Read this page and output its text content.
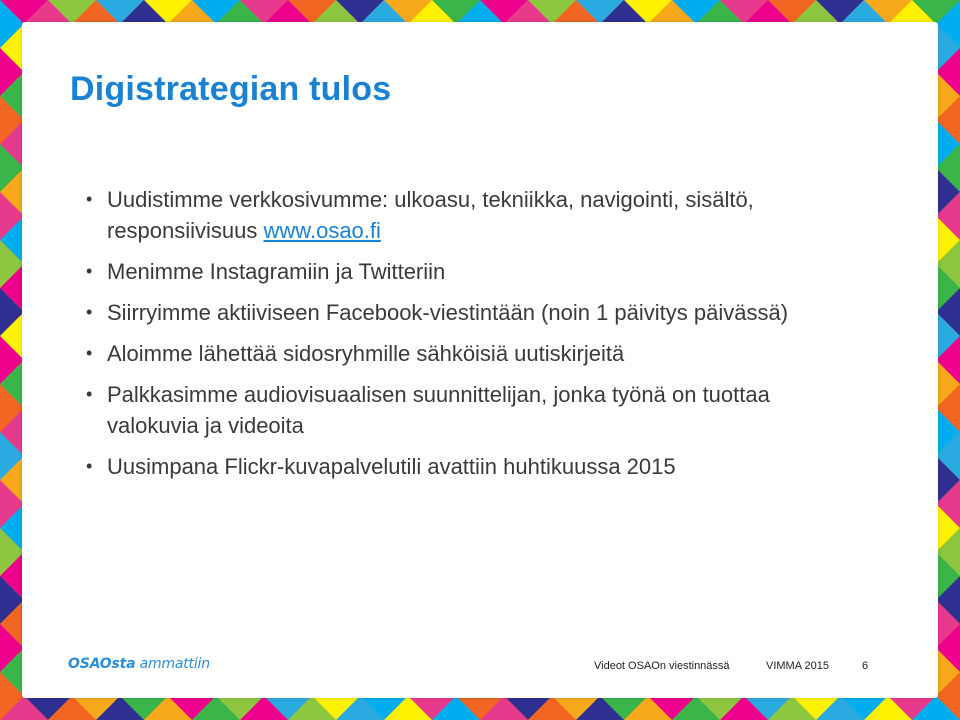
Digistrategian tulos
• Uudistimme verkkosivumme: ulkoasu, tekniikka, navigointi, sisältö, responsiivisuus www.osao.fi
• Menimme Instagramiin ja Twitteriin
• Siirryimme aktiiviseen Facebook-viestintään (noin 1 päivitys päivässä)
• Aloimme lähettää sidosryhmille sähköisiä uutiskirjeitä
• Palkkasimme audiovisuaalisen suunnittelijan, jonka työnä on tuottaa valokuvia ja videoita
• Uusimpana Flickr-kuvapalvelutili avattiin huhtikuussa 2015
OSAOsta ammattiin	Videot OSAOn viestinnässä	VIMMA 2015	6
